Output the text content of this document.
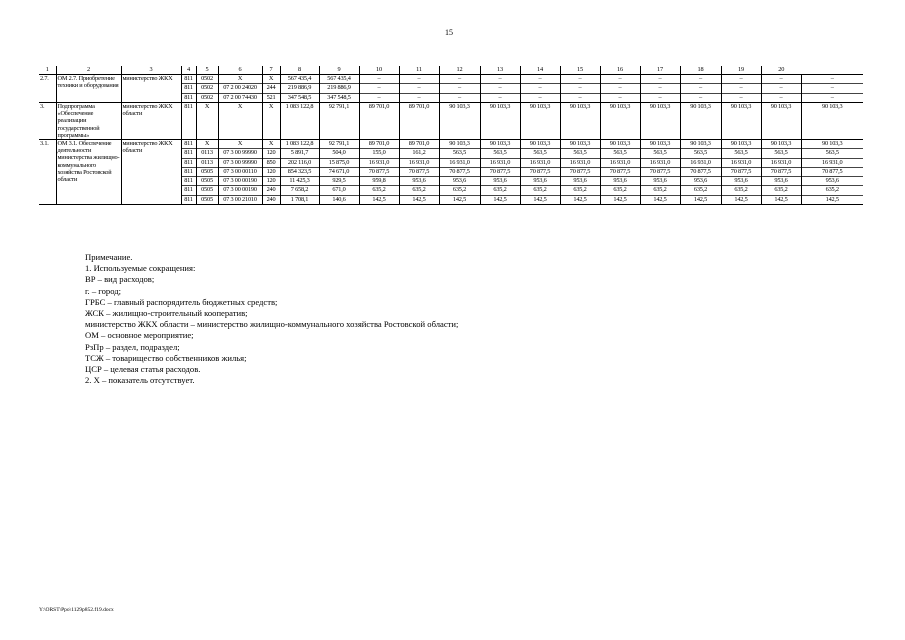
15
1	2	3	4	5	6	7	8	9	10	11	12	13	14	15	16	17	18	19	20	
2.7.	ОМ 2.7. Приобретение техники и оборудования	министерство ЖКХ	811	0502	X	X	567 435,4	567 435,4	–	–	–	–	–	–	–	–	–	–	–	–
			811	0502	07 2 00 24020	244	219 886,9	219 886,9	–	–	–	–	–	–	–	–	–	–	–	–
			811	0502	07 2 00 74430	521	347 548,5	347 548,5	–	–	–	–	–	–	–	–	–	–	–	–
3.	Подпрограмма «Обеспечение реализации государственной программы»	министерство ЖКХ области	811	X	X	X	1 083 122,8	92 791,1	89 701,0	89 701,0	90 103,3	90 103,3	90 103,3	90 103,3	90 103,3	90 103,3	90 103,3	90 103,3	90 103,3	90 103,3
3.1.	ОМ 3.1. Обеспечение деятельности министерства жилищно-коммунального хозяйства Ростовской области	министерство ЖКХ области	811	X	X	X	1 083 122,8	92 791,1	89 701,0	89 701,0	90 103,3	90 103,3	90 103,3	90 103,3	90 103,3	90 103,3	90 103,3	90 103,3	90 103,3	90 103,3
			811	0113	07 3 00 99990	120	5 891,7	504,0	155,0	161,2	563,5	563,5	563,5	563,5	563,5	563,5	563,5	563,5	563,5	563,5
			811	0113	07 3 00 99990	850	202 116,0	15 875,0	16 931,0	16 931,0	16 931,0	16 931,0	16 931,0	16 931,0	16 931,0	16 931,0	16 931,0	16 931,0	16 931,0	16 931,0
			811	0505	07 3 00 00110	120	854 323,5	74 671,0	70 877,5	70 877,5	70 877,5	70 877,5	70 877,5	70 877,5	70 877,5	70 877,5	70 877,5	70 877,5	70 877,5	70 877,5
			811	0505	07 3 00 00190	120	11 425,3	929,5	959,8	953,6	953,6	953,6	953,6	953,6	953,6	953,6	953,6	953,6	953,6	953,6
			811	0505	07 3 00 00190	240	7 658,2	671,0	635,2	635,2	635,2	635,2	635,2	635,2	635,2	635,2	635,2	635,2	635,2	635,2
			811	0505	07 3 00 21010	240	1 708,1	140,6	142,5	142,5	142,5	142,5	142,5	142,5	142,5	142,5	142,5	142,5	142,5	142,5
Примечание.
1. Используемые сокращения:
ВР – вид расходов;
г. – город;
ГРБС – главный распорядитель бюджетных средств;
ЖСК – жилищно-строительный кооператив;
министерство ЖКХ области – министерство жилищно-коммунального хозяйства Ростовской области;
ОМ – основное мероприятие;
РзПр – раздел, подраздел;
ТСЖ – товарищество собственников жилья;
ЦСР – целевая статья расходов.
2. Х – показатель отсутствует.
Y:\ORST\Ppo\1129p852.f19.docx
